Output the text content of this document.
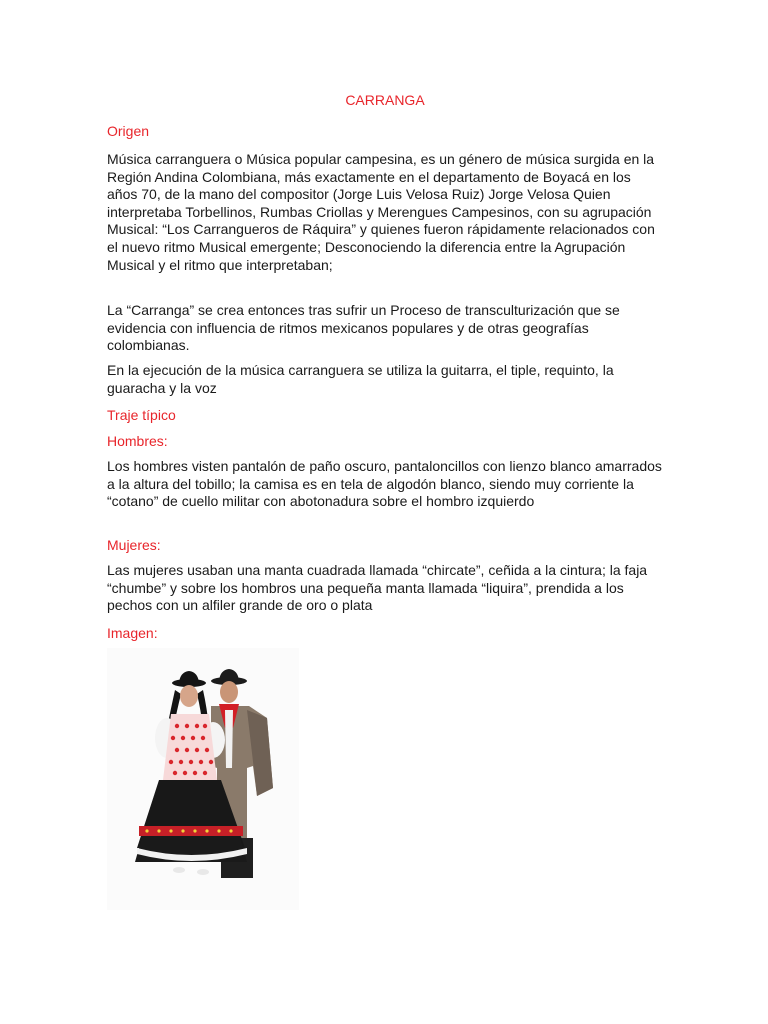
CARRANGA
Origen
Música carranguera o Música popular campesina, es un género de música surgida en la Región Andina Colombiana, más exactamente en el departamento de Boyacá en los años 70, de la mano del compositor (Jorge Luis Velosa Ruiz) Jorge Velosa Quien interpretaba Torbellinos, Rumbas Criollas y Merengues Campesinos, con su agrupación Musical: “Los Carrangueros de Ráquira” y quienes fueron rápidamente relacionados con el nuevo ritmo Musical emergente; Desconociendo la diferencia entre la Agrupación Musical y el ritmo que interpretaban;
La “Carranga” se crea entonces tras sufrir un Proceso de transculturización que se evidencia con influencia de ritmos mexicanos populares y de otras geografías colombianas.
En la ejecución de la música carranguera se utiliza la guitarra, el tiple, requinto, la guaracha y la voz
Traje típico
Hombres:
Los hombres visten pantalón de paño oscuro, pantaloncillos con lienzo blanco amarrados a la altura del tobillo; la camisa es en tela de algodón blanco, siendo muy corriente la “cotano” de cuello militar con abotonadura sobre el hombro izquierdo
Mujeres:
Las mujeres usaban una manta cuadrada llamada “chircate”, ceñida a la cintura; la faja “chumbe” y sobre los hombros una pequeña manta llamada “liquira”, prendida a los pechos con un alfiler grande de oro o plata
Imagen:
